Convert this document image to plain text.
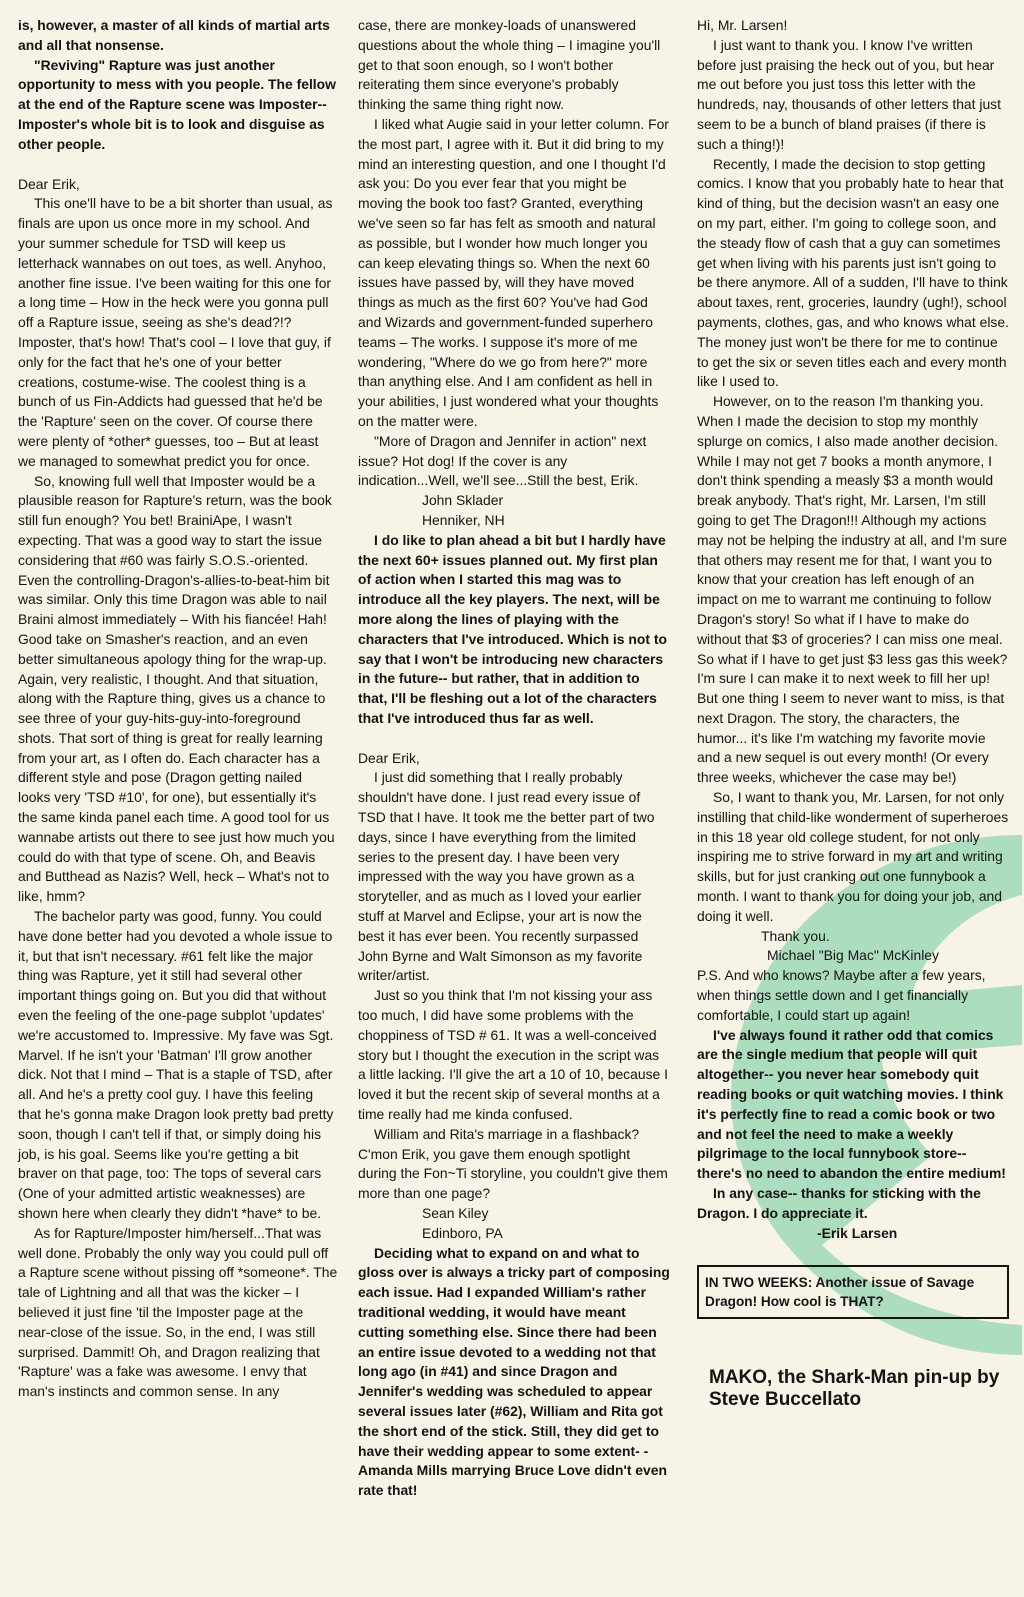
is, however, a master of all kinds of martial arts and all that nonsense.

"Reviving" Rapture was just another opportunity to mess with you people. The fellow at the end of the Rapture scene was Imposter--Imposter's whole bit is to look and disguise as other people.

Dear Erik,

This one'll have to be a bit shorter than usual, as finals are upon us once more in my school. And your summer schedule for TSD will keep us letterhack wannabes on out toes, as well. Anyhoo, another fine issue. I've been waiting for this one for a long time – How in the heck were you gonna pull off a Rapture issue, seeing as she's dead?!? Imposter, that's how! That's cool – I love that guy, if only for the fact that he's one of your better creations, costume-wise. The coolest thing is a bunch of us Fin-Addicts had guessed that he'd be the 'Rapture' seen on the cover. Of course there were plenty of *other* guesses, too – But at least we managed to somewhat predict you for once.

So, knowing full well that Imposter would be a plausible reason for Rapture's return, was the book still fun enough? You bet! BrainiApe, I wasn't expecting. That was a good way to start the issue considering that #60 was fairly S.O.S.-oriented. Even the controlling-Dragon's-allies-to-beat-him bit was similar. Only this time Dragon was able to nail Braini almost immediately – With his fiancée! Hah! Good take on Smasher's reaction, and an even better simultaneous apology thing for the wrap-up. Again, very realistic, I thought. And that situation, along with the Rapture thing, gives us a chance to see three of your guy-hits-guy-into-foreground shots. That sort of thing is great for really learning from your art, as I often do. Each character has a different style and pose (Dragon getting nailed looks very 'TSD #10', for one), but essentially it's the same kinda panel each time. A good tool for us wannabe artists out there to see just how much you could do with that type of scene. Oh, and Beavis and Butthead as Nazis? Well, heck – What's not to like, hmm?

The bachelor party was good, funny. You could have done better had you devoted a whole issue to it, but that isn't necessary. #61 felt like the major thing was Rapture, yet it still had several other important things going on. But you did that without even the feeling of the one-page subplot 'updates' we're accustomed to. Impressive. My fave was Sgt. Marvel. If he isn't your 'Batman' I'll grow another dick. Not that I mind – That is a staple of TSD, after all. And he's a pretty cool guy. I have this feeling that he's gonna make Dragon look pretty bad pretty soon, though I can't tell if that, or simply doing his job, is his goal. Seems like you're getting a bit braver on that page, too: The tops of several cars (One of your admitted artistic weaknesses) are shown here when clearly they didn't *have* to be.

As for Rapture/Imposter him/herself...That was well done. Probably the only way you could pull off a Rapture scene without pissing off *someone*. The tale of Lightning and all that was the kicker – I believed it just fine 'til the Imposter page at the near-close of the issue. So, in the end, I was still surprised. Dammit! Oh, and Dragon realizing that 'Rapture' was a fake was awesome. I envy that man's instincts and common sense. In any

case, there are monkey-loads of unanswered questions about the whole thing – I imagine you'll get to that soon enough, so I won't bother reiterating them since everyone's probably thinking the same thing right now.

I liked what Augie said in your letter column. For the most part, I agree with it. But it did bring to my mind an interesting question, and one I thought I'd ask you: Do you ever fear that you might be moving the book too fast? Granted, everything we've seen so far has felt as smooth and natural as possible, but I wonder how much longer you can keep elevating things so. When the next 60 issues have passed by, will they have moved things as much as the first 60? You've had God and Wizards and government-funded superhero teams – The works. I suppose it's more of me wondering, "Where do we go from here?" more than anything else. And I am confident as hell in your abilities, I just wondered what your thoughts on the matter were.

"More of Dragon and Jennifer in action" next issue? Hot dog! If the cover is any indication...Well, we'll see...Still the best, Erik.

John Sklader

Henniker, NH

I do like to plan ahead a bit but I hardly have the next 60+ issues planned out. My first plan of action when I started this mag was to introduce all the key players. The next, will be more along the lines of playing with the characters that I've introduced. Which is not to say that I won't be introducing new characters in the future-- but rather, that in addition to that, I'll be fleshing out a lot of the characters that I've introduced thus far as well.

Dear Erik,

I just did something that I really probably shouldn't have done. I just read every issue of TSD that I have. It took me the better part of two days, since I have everything from the limited series to the present day. I have been very impressed with the way you have grown as a storyteller, and as much as I loved your earlier stuff at Marvel and Eclipse, your art is now the best it has ever been. You recently surpassed John Byrne and Walt Simonson as my favorite writer/artist.

Just so you think that I'm not kissing your ass too much, I did have some problems with the choppiness of TSD # 61. It was a well-conceived story but I thought the execution in the script was a little lacking. I'll give the art a 10 of 10, because I loved it but the recent skip of several months at a time really had me kinda confused.

William and Rita's marriage in a flashback? C'mon Erik, you gave them enough spotlight during the Fon~Ti storyline, you couldn't give them more than one page?

Sean Kiley

Edinboro, PA

Deciding what to expand on and what to gloss over is always a tricky part of composing each issue. Had I expanded William's rather traditional wedding, it would have meant cutting something else. Since there had been an entire issue devoted to a wedding not that long ago (in #41) and since Dragon and Jennifer's wedding was scheduled to appear several issues later (#62), William and Rita got the short end of the stick. Still, they did get to have their wedding appear to some extent- - Amanda Mills marrying Bruce Love didn't even rate that!

Hi, Mr. Larsen!

I just want to thank you. I know I've written before just praising the heck out of you, but hear me out before you just toss this letter with the hundreds, nay, thousands of other letters that just seem to be a bunch of bland praises (if there is such a thing!)!

Recently, I made the decision to stop getting comics. I know that you probably hate to hear that kind of thing, but the decision wasn't an easy one on my part, either. I'm going to college soon, and the steady flow of cash that a guy can sometimes get when living with his parents just isn't going to be there anymore. All of a sudden, I'll have to think about taxes, rent, groceries, laundry (ugh!), school payments, clothes, gas, and who knows what else. The money just won't be there for me to continue to get the six or seven titles each and every month like I used to.

However, on to the reason I'm thanking you. When I made the decision to stop my monthly splurge on comics, I also made another decision. While I may not get 7 books a month anymore, I don't think spending a measly $3 a month would break anybody. That's right, Mr. Larsen, I'm still going to get The Dragon!!! Although my actions may not be helping the industry at all, and I'm sure that others may resent me for that, I want you to know that your creation has left enough of an impact on me to warrant me continuing to follow Dragon's story! So what if I have to make do without that $3 of groceries? I can miss one meal. So what if I have to get just $3 less gas this week? I'm sure I can make it to next week to fill her up! But one thing I seem to never want to miss, is that next Dragon. The story, the characters, the humor... it's like I'm watching my favorite movie and a new sequel is out every month! (Or every three weeks, whichever the case may be!)

So, I want to thank you, Mr. Larsen, for not only instilling that child-like wonderment of superheroes in this 18 year old college student, for not only inspiring me to strive forward in my art and writing skills, but for just cranking out one funnybook a month. I want to thank you for doing your job, and doing it well.

Thank you.

Michael "Big Mac" McKinley

P.S. And who knows? Maybe after a few years, when things settle down and I get financially comfortable, I could start up again!

I've always found it rather odd that comics are the single medium that people will quit altogether-- you never hear somebody quit reading books or quit watching movies. I think it's perfectly fine to read a comic book or two and not feel the need to make a weekly pilgrimage to the local funnybook store-- there's no need to abandon the entire medium!

In any case-- thanks for sticking with the Dragon. I do appreciate it.

-Erik Larsen

IN TWO WEEKS: Another issue of Savage Dragon! How cool is THAT?
MAKO, the Shark-Man pin-up by Steve Buccellato
